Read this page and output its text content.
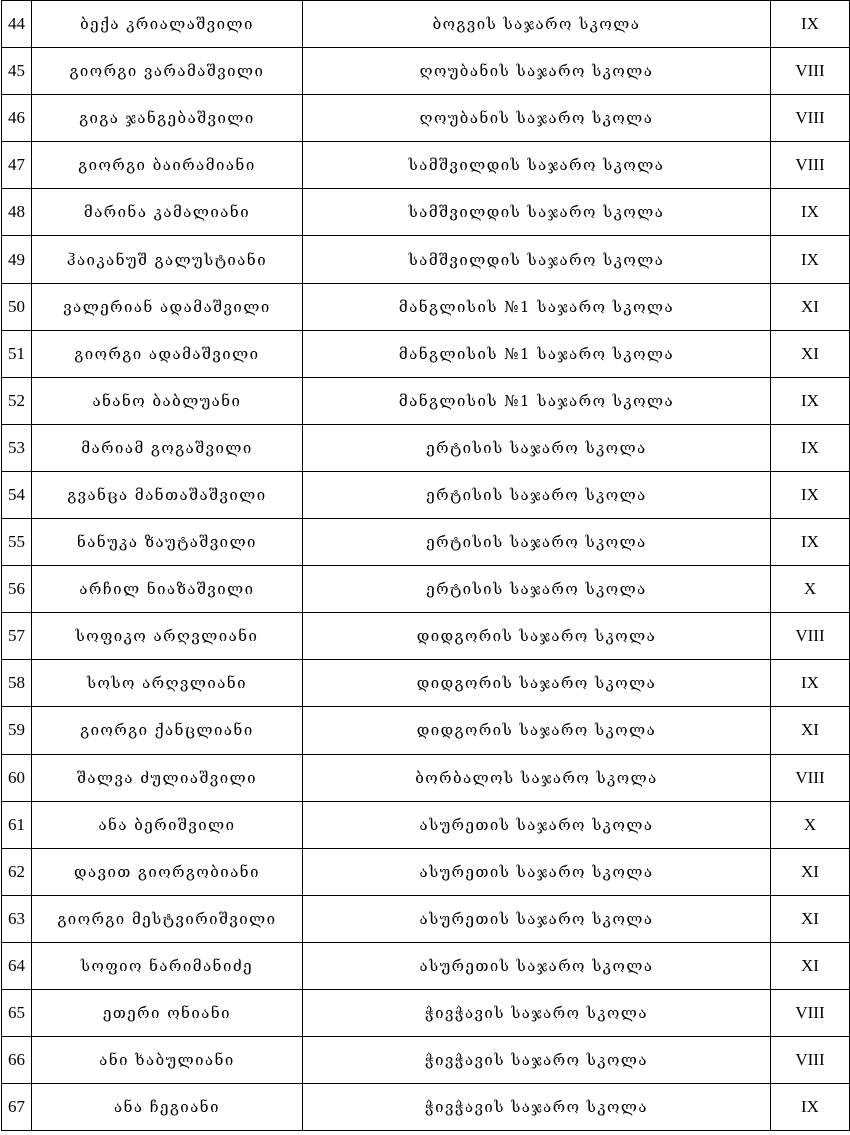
44	ბექა კრიალაშვილი	ბოგვის საჯარო სკოლა	IX
45	გიორგი ვარამაშვილი	ღოუბანის საჯარო სკოლა	VIII
46	გიგა ჯანგებაშვილი	ღოუბანის საჯარო სკოლა	VIII
47	გიორგი ბაირამიანი	სამშვილდის საჯარო სკოლა	VIII
48	მარინა კამალიანი	სამშვილდის საჯარო სკოლა	IX
49	ჰაიკანუშ გალუსტიანი	სამშვილდის საჯარო სკოლა	IX
50	ვალერიან ადამაშვილი	მანგლისის №1 საჯარო სკოლა	XI
51	გიორგი ადამაშვილი	მანგლისის №1 საჯარო სკოლა	XI
52	ანანო ბაბლუანი	მანგლისის №1 საჯარო სკოლა	IX
53	მარიამ გოგაშვილი	ერტისის საჯარო სკოლა	IX
54	გვანცა მანთაშაშვილი	ერტისის საჯარო სკოლა	IX
55	ნანუკა ზაუტაშვილი	ერტისის საჯარო სკოლა	IX
56	არჩილ ნიაზაშვილი	ერტისის საჯარო სკოლა	X
57	სოფიკო არღვლიანი	დიდგორის საჯარო სკოლა	VIII
58	სოსო არღვლიანი	დიდგორის საჯარო სკოლა	IX
59	გიორგი ქანცლიანი	დიდგორის საჯარო სკოლა	XI
60	შალვა ძულიაშვილი	ბორბალოს საჯარო სკოლა	VIII
61	ანა ბერიშვილი	ასურეთის საჯარო სკოლა	X
62	დავით გიორგობიანი	ასურეთის საჯარო სკოლა	XI
63	გიორგი მესტვირიშვილი	ასურეთის საჯარო სკოლა	XI
64	სოფიო ნარიმანიძე	ასურეთის საჯარო სკოლა	XI
65	ეთერი ონიანი	ჭივჭავის საჯარო სკოლა	VIII
66	ანი ხაბულიანი	ჭივჭავის საჯარო სკოლა	VIII
67	ანა ჩეგიანი	ჭივჭავის საჯარო სკოლა	IX
